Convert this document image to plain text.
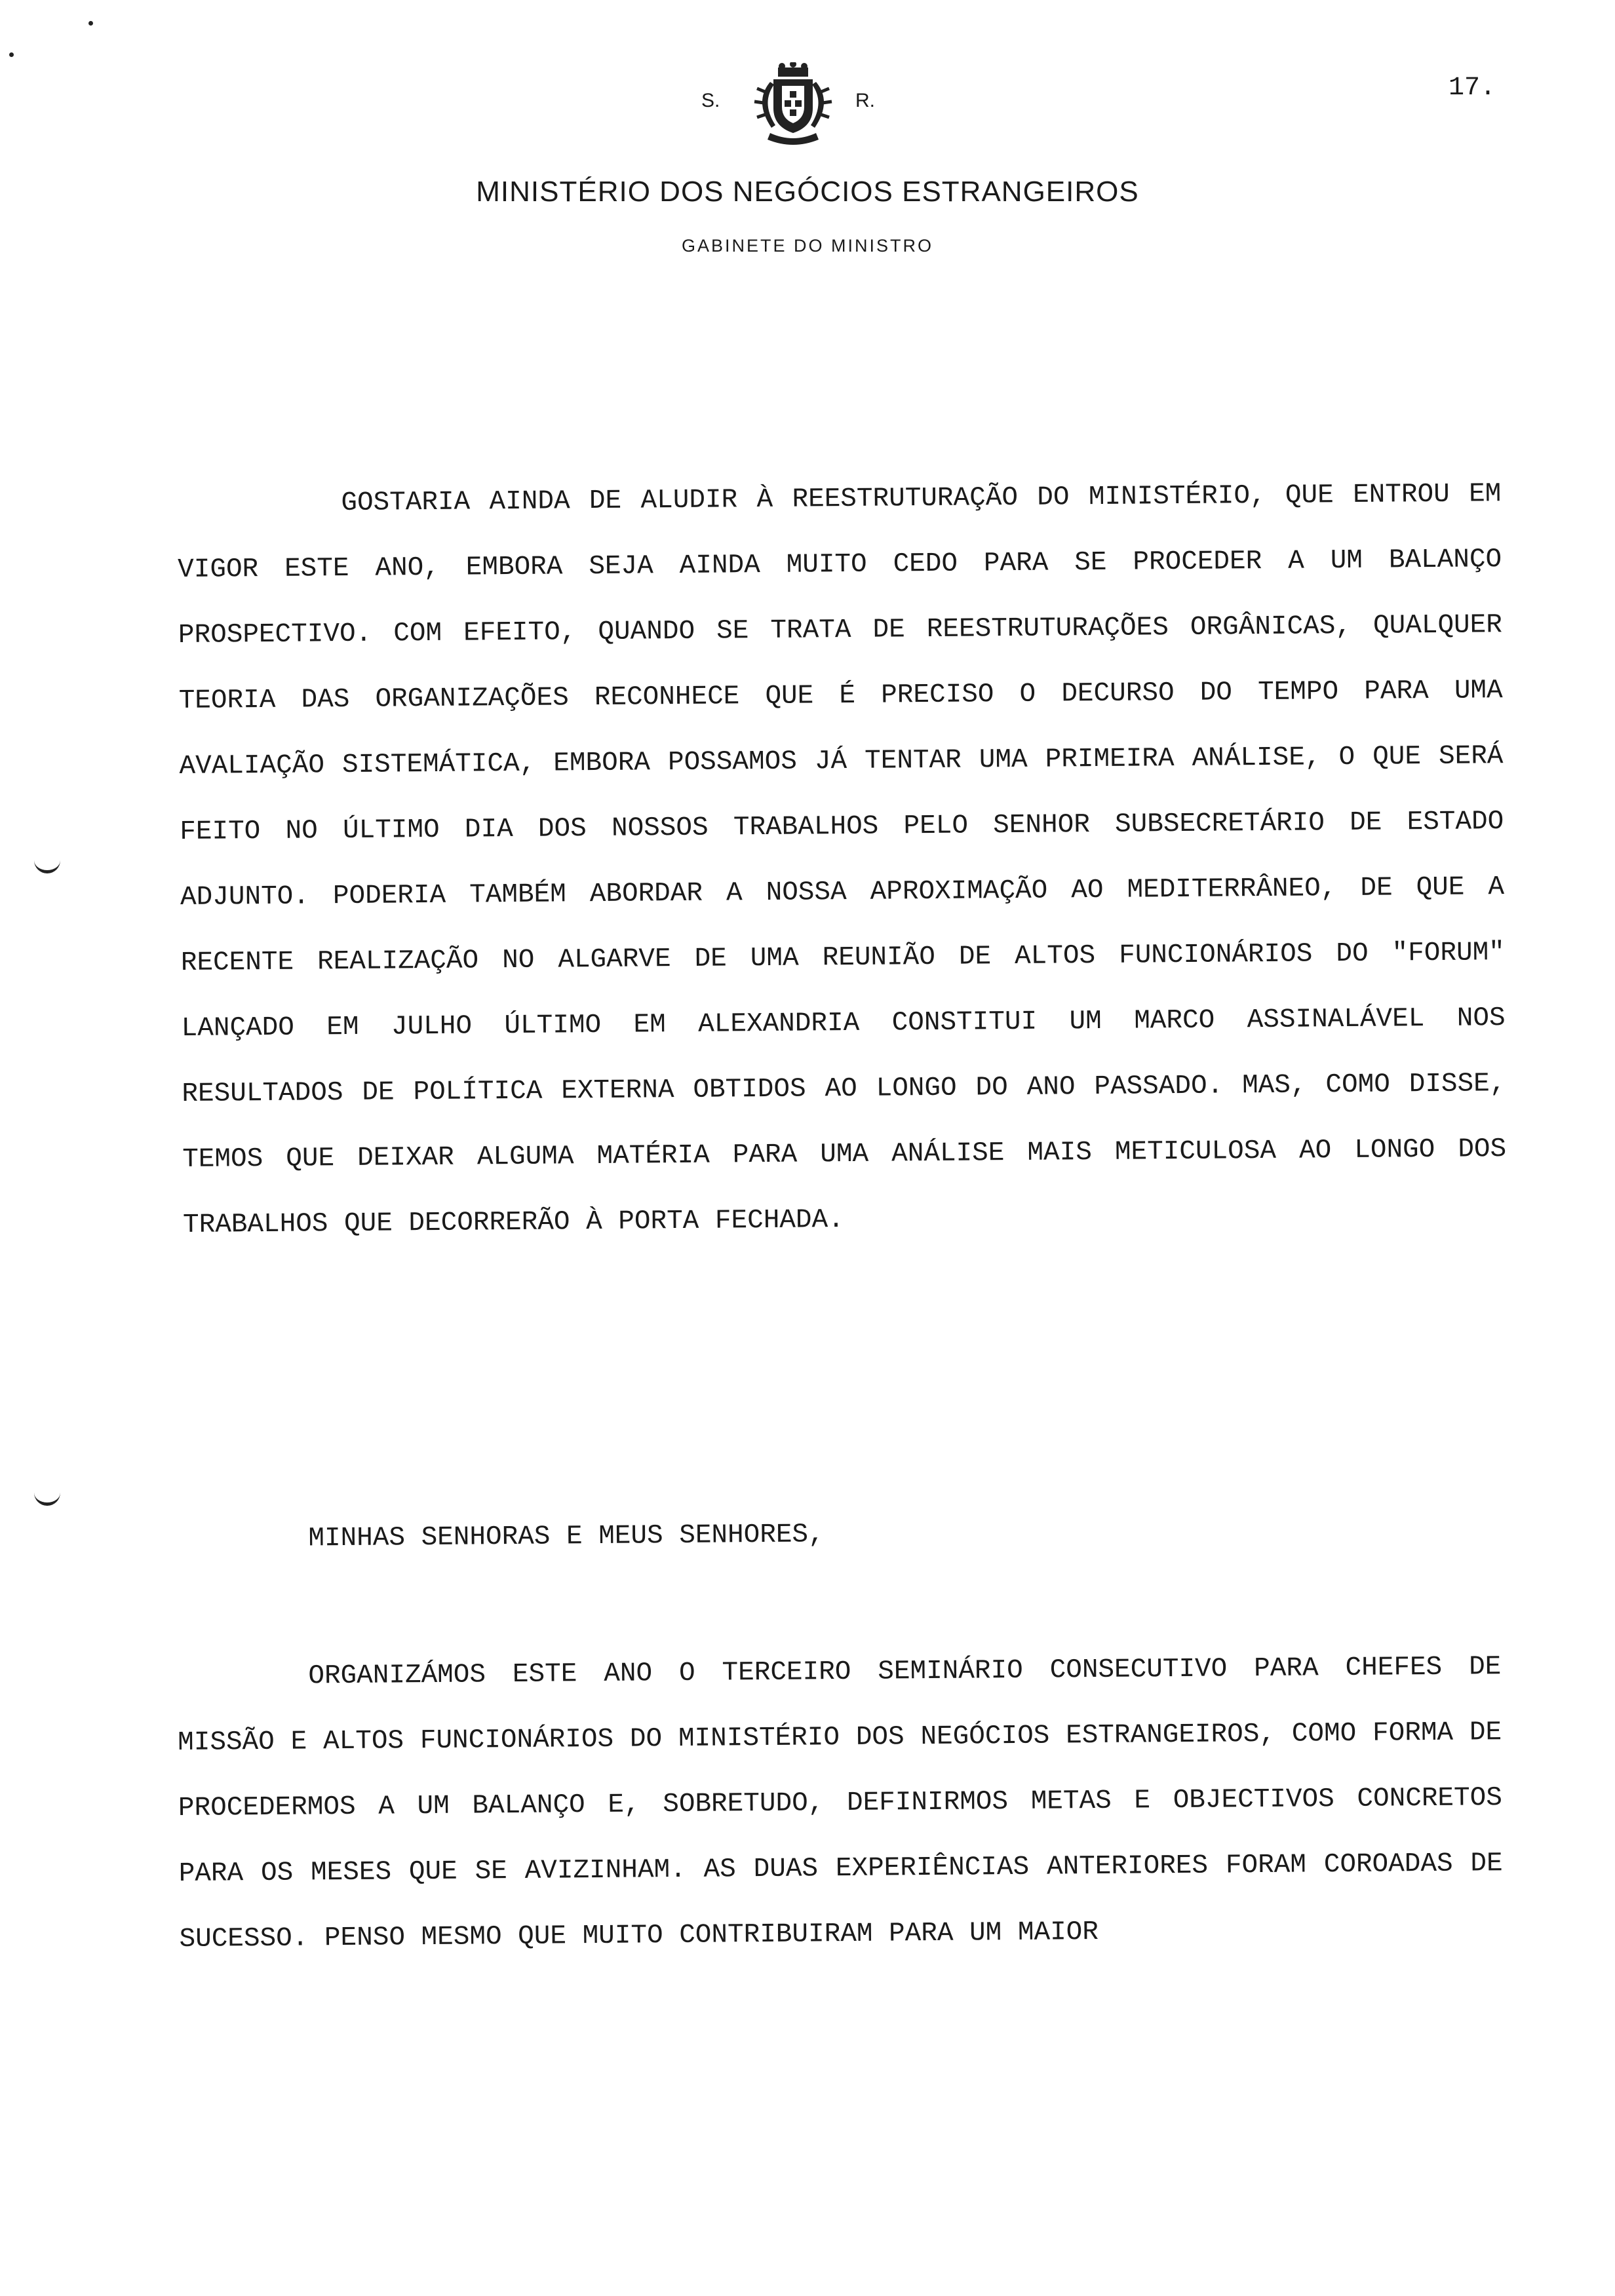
S.	R.	17.
MINISTÉRIO DOS NEGÓCIOS ESTRANGEIROS
GABINETE DO MINISTRO

GOSTARIA AINDA DE ALUDIR À REESTRUTURAÇÃO DO MINISTÉRIO, QUE ENTROU EM VIGOR ESTE ANO, EMBORA SEJA AINDA MUITO CEDO PARA SE PROCEDER A UM BALANÇO PROSPECTIVO. COM EFEITO, QUANDO SE TRATA DE REESTRUTURAÇÕES ORGÂNICAS, QUALQUER TEORIA DAS ORGANIZAÇÕES RECONHECE QUE É PRECISO O DECURSO DO TEMPO PARA UMA AVALIAÇÃO SISTEMÁTICA, EMBORA POSSAMOS JÁ TENTAR UMA PRIMEIRA ANÁLISE, O QUE SERÁ FEITO NO ÚLTIMO DIA DOS NOSSOS TRABALHOS PELO SENHOR SUBSECRETÁRIO DE ESTADO ADJUNTO. PODERIA TAMBÉM ABORDAR A NOSSA APROXIMAÇÃO AO MEDITERRÂNEO, DE QUE A RECENTE REALIZAÇÃO NO ALGARVE DE UMA REUNIÃO DE ALTOS FUNCIONÁRIOS DO "FORUM" LANÇADO EM JULHO ÚLTIMO EM ALEXANDRIA CONSTITUI UM MARCO ASSINALÁVEL NOS RESULTADOS DE POLÍTICA EXTERNA OBTIDOS AO LONGO DO ANO PASSADO. MAS, COMO DISSE, TEMOS QUE DEIXAR ALGUMA MATÉRIA PARA UMA ANÁLISE MAIS METICULOSA AO LONGO DOS TRABALHOS QUE DECORRERÃO À PORTA FECHADA.

MINHAS SENHORAS E MEUS SENHORES,

ORGANIZÁMOS ESTE ANO O TERCEIRO SEMINÁRIO CONSECUTIVO PARA CHEFES DE MISSÃO E ALTOS FUNCIONÁRIOS DO MINISTÉRIO DOS NEGÓCIOS ESTRANGEIROS, COMO FORMA DE PROCEDERMOS A UM BALANÇO E, SOBRETUDO, DEFINIRMOS METAS E OBJECTIVOS CONCRETOS PARA OS MESES QUE SE AVIZINHAM. AS DUAS EXPERIÊNCIAS ANTERIORES FORAM COROADAS DE SUCESSO. PENSO MESMO QUE MUITO CONTRIBUIRAM PARA UM MAIOR
